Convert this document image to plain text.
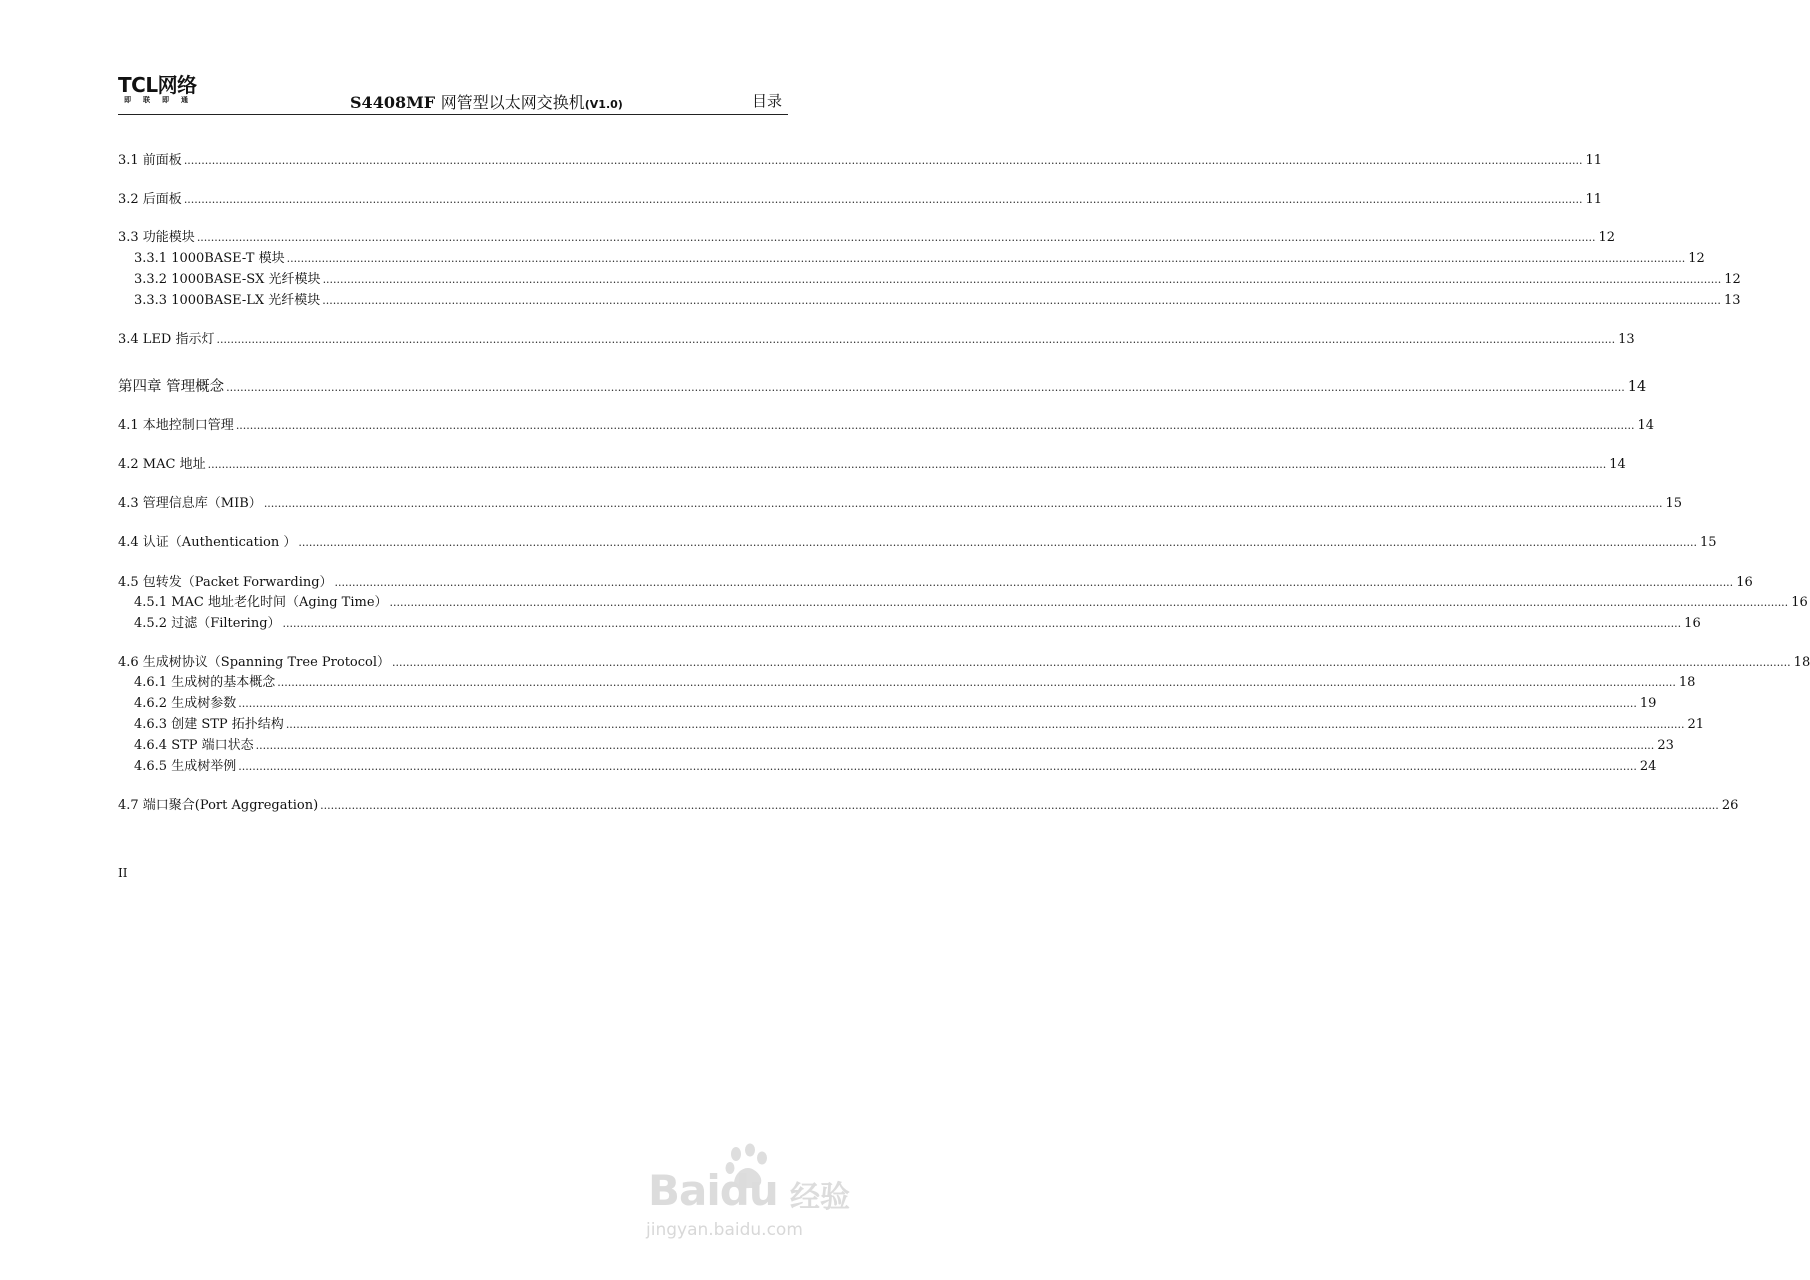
TCL网络
即联即通	S4408MF 网管型以太网交换机(V1.0)	目录
3.1 前面板 ................................................................................................................................................................................................................................................................................................................................................................................................................ 11
3.2 后面板 ................................................................................................................................................................................................................................................................................................................................................................................................................ 11
3.3 功能模块 ................................................................................................................................................................................................................................................................................................................................................................................................................ 12
3.3.1 1000BASE-T 模块 ................................................................................................................................................................................................................................................................................................................................................................................................................ 12
3.3.2 1000BASE-SX 光纤模块 ................................................................................................................................................................................................................................................................................................................................................................................................................ 12
3.3.3 1000BASE-LX 光纤模块 ................................................................................................................................................................................................................................................................................................................................................................................................................ 13
3.4 LED 指示灯 ................................................................................................................................................................................................................................................................................................................................................................................................................ 13
第四章 管理概念 ................................................................................................................................................................................................................................................................................................................................................................................................................ 14
4.1 本地控制口管理 ................................................................................................................................................................................................................................................................................................................................................................................................................ 14
4.2 MAC 地址 ................................................................................................................................................................................................................................................................................................................................................................................................................ 14
4.3 管理信息库（MIB） ................................................................................................................................................................................................................................................................................................................................................................................................................ 15
4.4 认证（Authentication ） ................................................................................................................................................................................................................................................................................................................................................................................................................ 15
4.5 包转发（Packet Forwarding） ................................................................................................................................................................................................................................................................................................................................................................................................................ 16
4.5.1 MAC 地址老化时间（Aging Time） ................................................................................................................................................................................................................................................................................................................................................................................................................ 16
4.5.2 过滤（Filtering） ................................................................................................................................................................................................................................................................................................................................................................................................................ 16
4.6 生成树协议（Spanning Tree Protocol） ................................................................................................................................................................................................................................................................................................................................................................................................................ 18
4.6.1 生成树的基本概念 ................................................................................................................................................................................................................................................................................................................................................................................................................ 18
4.6.2 生成树参数 ................................................................................................................................................................................................................................................................................................................................................................................................................ 19
4.6.3 创建 STP 拓扑结构 ................................................................................................................................................................................................................................................................................................................................................................................................................ 21
4.6.4 STP 端口状态 ................................................................................................................................................................................................................................................................................................................................................................................................................ 23
4.6.5 生成树举例 ................................................................................................................................................................................................................................................................................................................................................................................................................ 24
4.7 端口聚合(Port Aggregation) ................................................................................................................................................................................................................................................................................................................................................................................................................ 26
II
Baidu 经验
jingyan.baidu.com
